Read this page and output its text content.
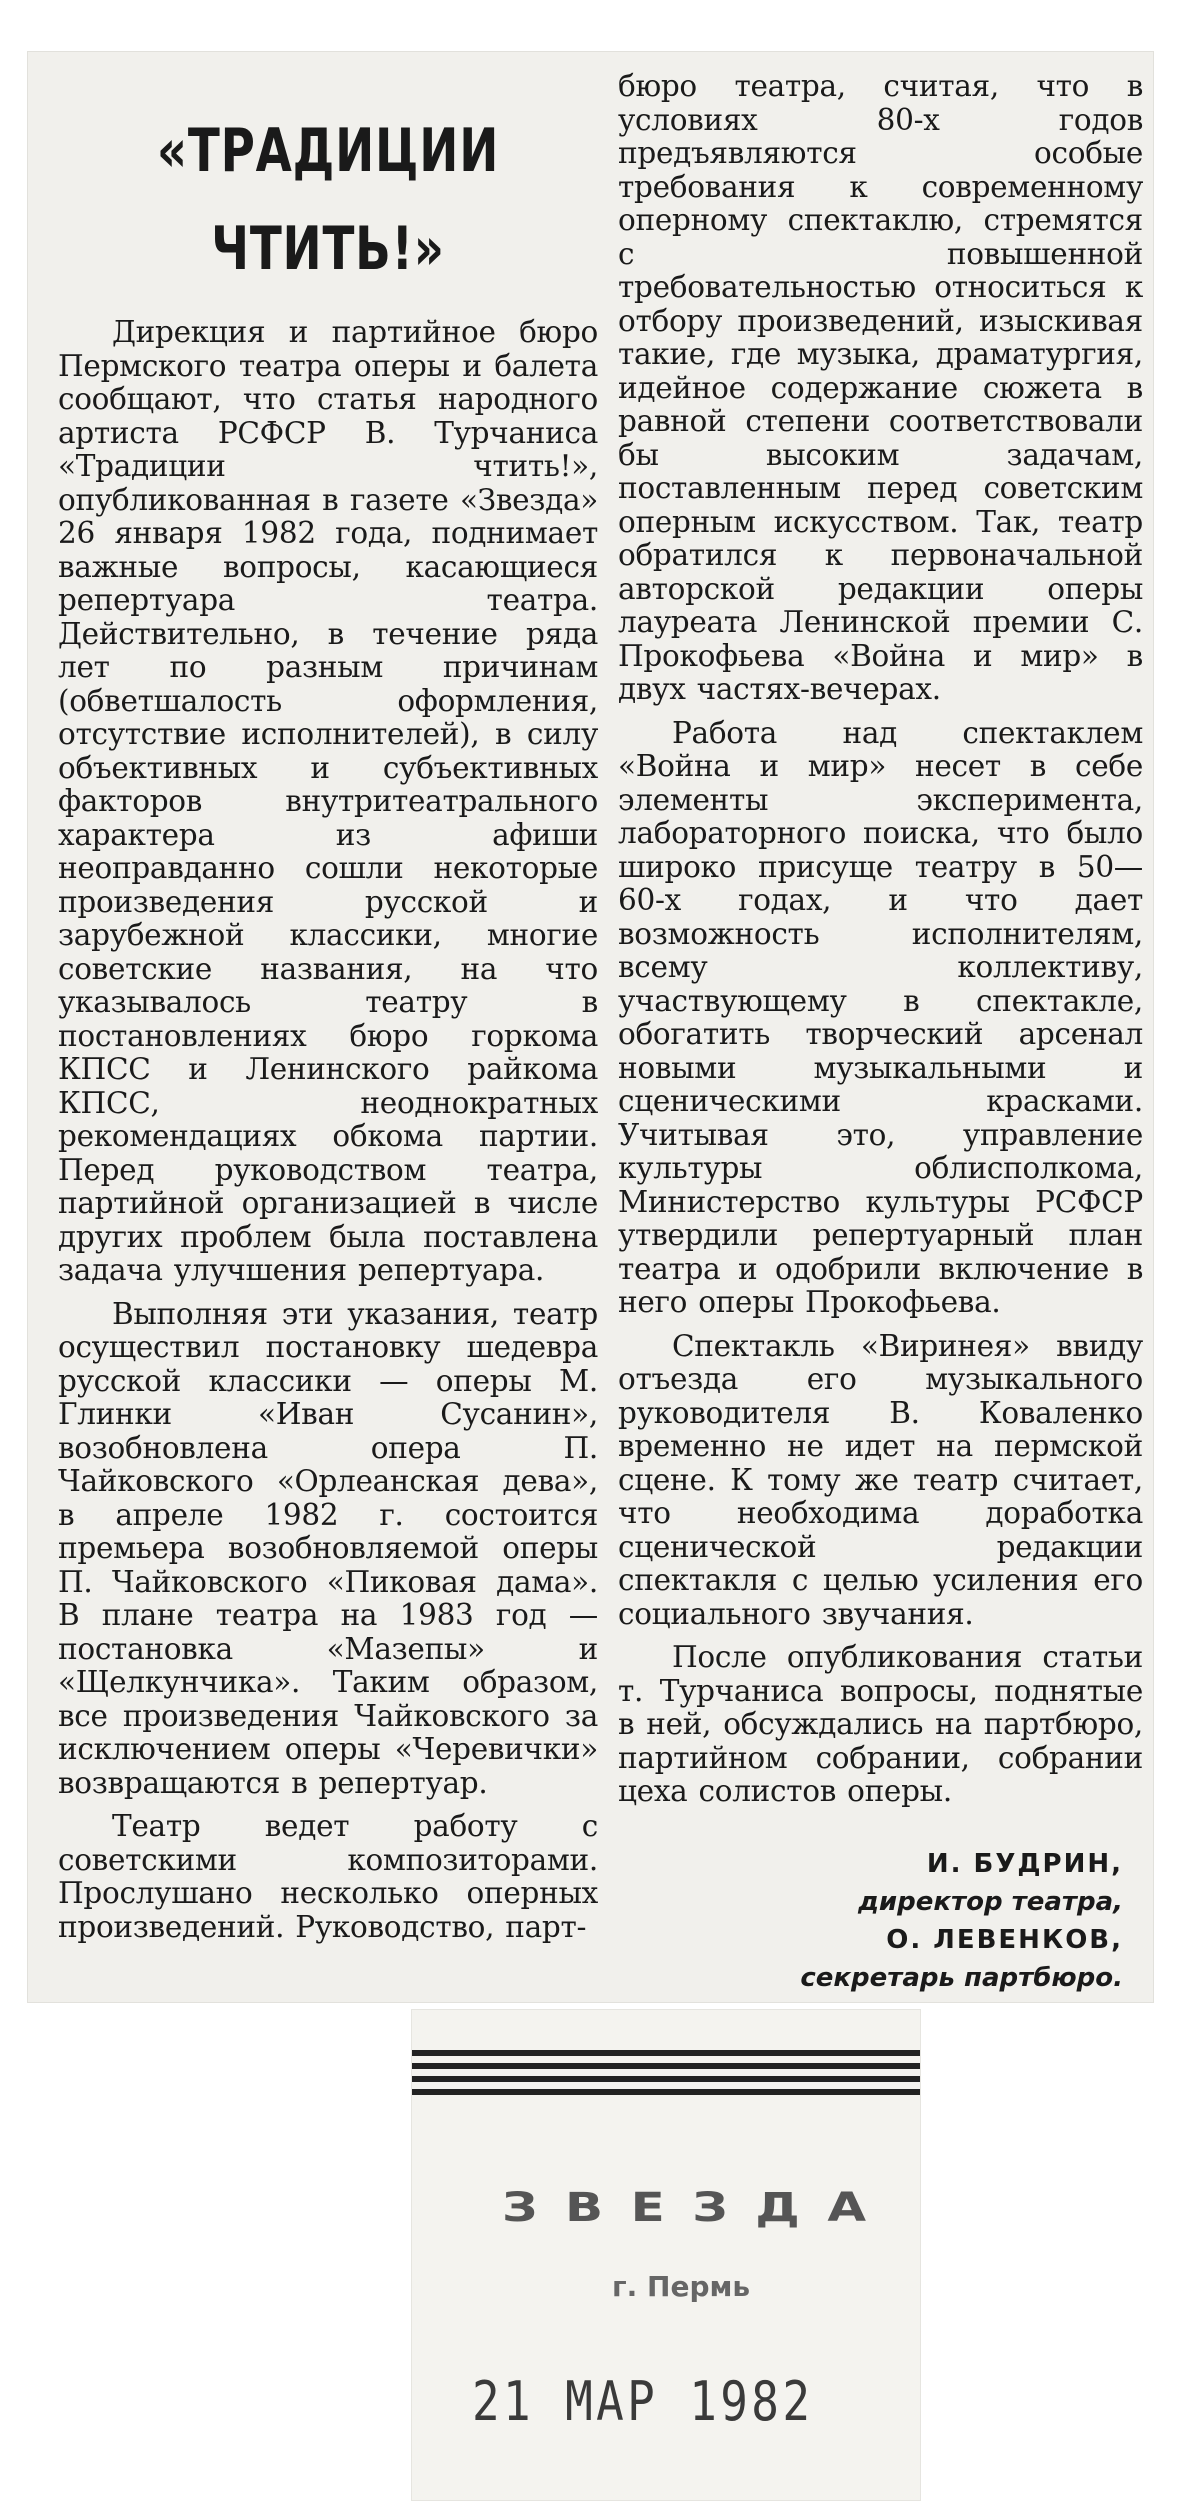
«ТРАДИЦИИ
ЧТИТЬ!»

Дирекция и партийное бюро Пермского театра оперы и балета сообщают, что статья народного артиста РСФСР В. Турчаниса «Традиции чтить!», опубликованная в газете «Звезда» 26 января 1982 года, поднимает важные вопросы, касающиеся репертуара театра. Действительно, в течение ряда лет по разным причинам (обветшалость оформления, отсутствие исполнителей), в силу объективных и субъективных факторов внутритеатрального характера из афиши неоправданно сошли некоторые произведения русской и зарубежной классики, многие советские названия, на что указывалось театру в постановлениях бюро горкома КПСС и Ленинского райкома КПСС, неоднократных рекомендациях обкома партии. Перед руководством театра, партийной организацией в числе других проблем была поставлена задача улучшения репертуара.

Выполняя эти указания, театр осуществил постановку шедевра русской классики — оперы М. Глинки «Иван Сусанин», возобновлена опера П. Чайковского «Орлеанская дева», в апреле 1982 г. состоится премьера возобновляемой оперы П. Чайковского «Пиковая дама». В плане театра на 1983 год — постановка «Мазепы» и «Щелкунчика». Таким образом, все произведения Чайковского за исключением оперы «Черевички» возвращаются в репертуар.

Театр ведет работу с советскими композиторами. Прослушано несколько оперных произведений. Руководство, парт-

бюро театра, считая, что в условиях 80-х годов предъявляются особые требования к современному оперному спектаклю, стремятся с повышенной требовательностью относиться к отбору произведений, изыскивая такие, где музыка, драматургия, идейное содержание сюжета в равной степени соответствовали бы высоким задачам, поставленным перед советским оперным искусством. Так, театр обратился к первоначальной авторской редакции оперы лауреата Ленинской премии С. Прокофьева «Война и мир» в двух частях-вечерах.

Работа над спектаклем «Война и мир» несет в себе элементы эксперимента, лабораторного поиска, что было широко присуще театру в 50—60-х годах, и что дает возможность исполнителям, всему коллективу, участвующему в спектакле, обогатить творческий арсенал новыми музыкальными и сценическими красками. Учитывая это, управление культуры облисполкома, Министерство культуры РСФСР утвердили репертуарный план театра и одобрили включение в него оперы Прокофьева.

Спектакль «Виринея» ввиду отъезда его музыкального руководителя В. Коваленко временно не идет на пермской сцене. К тому же театр считает, что необходима доработка сценической редакции спектакля с целью усиления его социального звучания.

После опубликования статьи т. Турчаниса вопросы, поднятые в ней, обсуждались на партбюро, партийном собрании, собрании цеха солистов оперы.

И. БУДРИН,
директор театра,
О. ЛЕВЕНКОВ,
секретарь партбюро.
ЗВЕЗДА
г. Пермь
21 МАР 1982
